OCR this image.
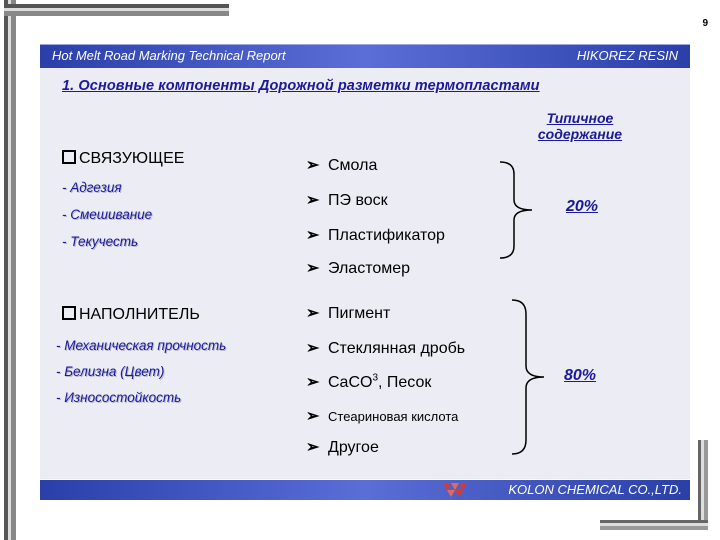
9
Hot Melt Road Marking Technical Report	HIKOREZ RESIN
1. Основные компоненты Дорожной разметки термопластами
Типичное
содержание
СВЯЗУЮЩЕЕ
- Адгезия
- Смешивание
- Текучесть
➢ Смола
➢ ПЭ воск
➢ Пластификатор
➢ Эластомер
20%
НАПОЛНИТЕЛЬ
- Механическая прочность
- Белизна (Цвет)
- Износостойкость
➢ Пигмент
➢ Стеклянная дробь
➢ CaCO$^3$, Песок
➢ Стеариновая кислота
➢ Другое
80%
KOLON CHEMICAL CO.,LTD.
